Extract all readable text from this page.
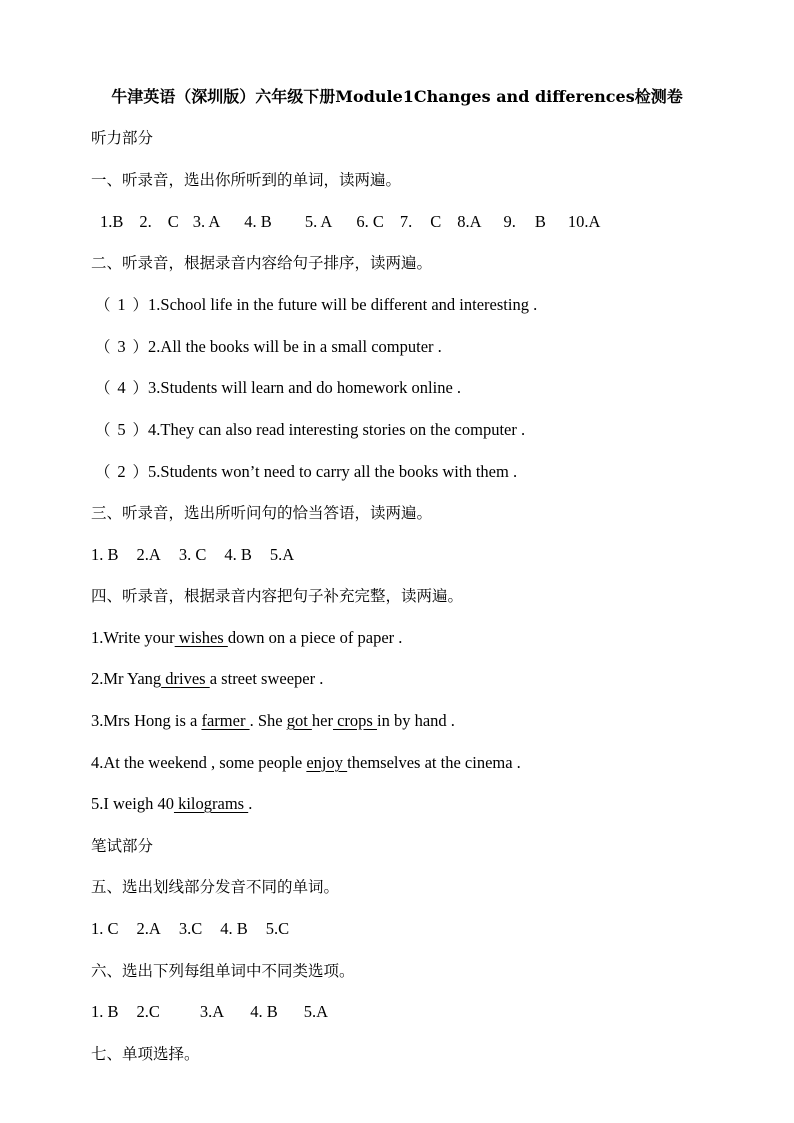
牛津英语（深圳版）六年级下册Module1Changes and differences检测卷
听力部分
一、听录音，选出你所听到的单词，读两遍。
1.B 2. C 3. A 4. B 5. A 6. C 7. C 8.A 9. B 10.A
二、听录音，根据录音内容给句子排序，读两遍。
（ 1 ）1.School life in the future will be different and interesting .
（ 3 ）2.All the books will be in a small computer .
（ 4 ）3.Students will learn and do homework online .
（ 5 ）4.They can also read interesting stories on the computer .
（ 2 ）5.Students won’t need to carry all the books with them .
三、听录音，选出所听问句的恰当答语，读两遍。
1. B 2.A 3. C 4. B 5.A
四、听录音，根据录音内容把句子补充完整，读两遍。
1.Write your wishes down on a piece of paper .
2.Mr Yang drives a street sweeper .
3.Mrs Hong is a farmer . She got her crops in by hand .
4.At the weekend , some people enjoy themselves at the cinema .
5.I weigh 40 kilograms .
笔试部分
五、选出划线部分发音不同的单词。
1. C 2.A 3.C 4. B 5.C
六、选出下列每组单词中不同类选项。
1. B 2.C 3.A 4. B 5.A
七、单项选择。
